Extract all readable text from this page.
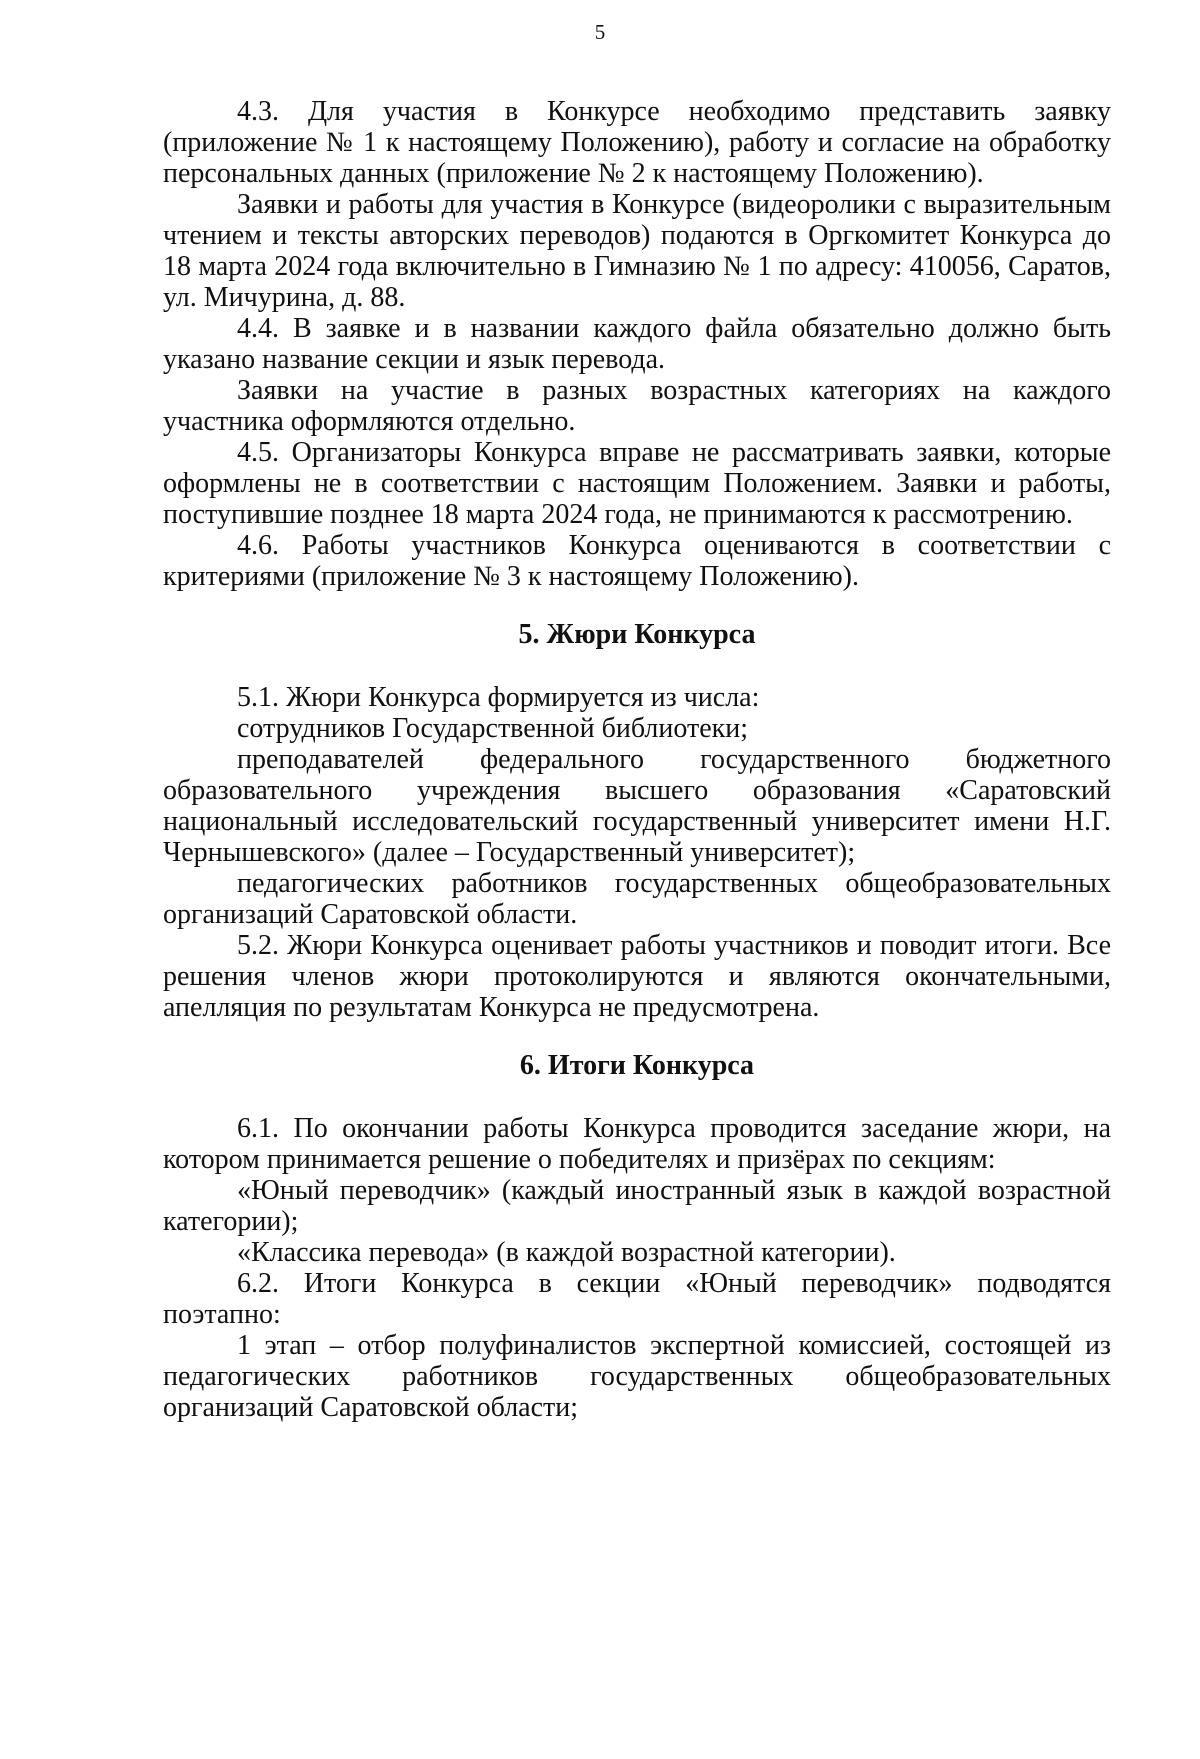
5

4.3. Для участия в Конкурсе необходимо представить заявку (приложение № 1 к настоящему Положению), работу и согласие на обработку персональных данных (приложение № 2 к настоящему Положению).

Заявки и работы для участия в Конкурсе (видеоролики с выразительным чтением и тексты авторских переводов) подаются в Оргкомитет Конкурса до 18 марта 2024 года включительно в Гимназию № 1 по адресу: 410056, Саратов, ул. Мичурина, д. 88.

4.4. В заявке и в названии каждого файла обязательно должно быть указано название секции и язык перевода.

Заявки на участие в разных возрастных категориях на каждого участника оформляются отдельно.

4.5. Организаторы Конкурса вправе не рассматривать заявки, которые оформлены не в соответствии с настоящим Положением. Заявки и работы, поступившие позднее 18 марта 2024 года, не принимаются к рассмотрению.

4.6. Работы участников Конкурса оцениваются в соответствии с критериями (приложение № 3 к настоящему Положению).

5. Жюри Конкурса

5.1. Жюри Конкурса формируется из числа:

сотрудников Государственной библиотеки;

преподавателей федерального государственного бюджетного образовательного учреждения высшего образования «Саратовский национальный исследовательский государственный университет имени Н.Г. Чернышевского» (далее – Государственный университет);

педагогических работников государственных общеобразовательных организаций Саратовской области.

5.2. Жюри Конкурса оценивает работы участников и поводит итоги. Все решения членов жюри протоколируются и являются окончательными, апелляция по результатам Конкурса не предусмотрена.

6. Итоги Конкурса

6.1. По окончании работы Конкурса проводится заседание жюри, на котором принимается решение о победителях и призёрах по секциям:

«Юный переводчик» (каждый иностранный язык в каждой возрастной категории);

«Классика перевода» (в каждой возрастной категории).

6.2. Итоги Конкурса в секции «Юный переводчик» подводятся поэтапно:

1 этап – отбор полуфиналистов экспертной комиссией, состоящей из педагогических работников государственных общеобразовательных организаций Саратовской области;
